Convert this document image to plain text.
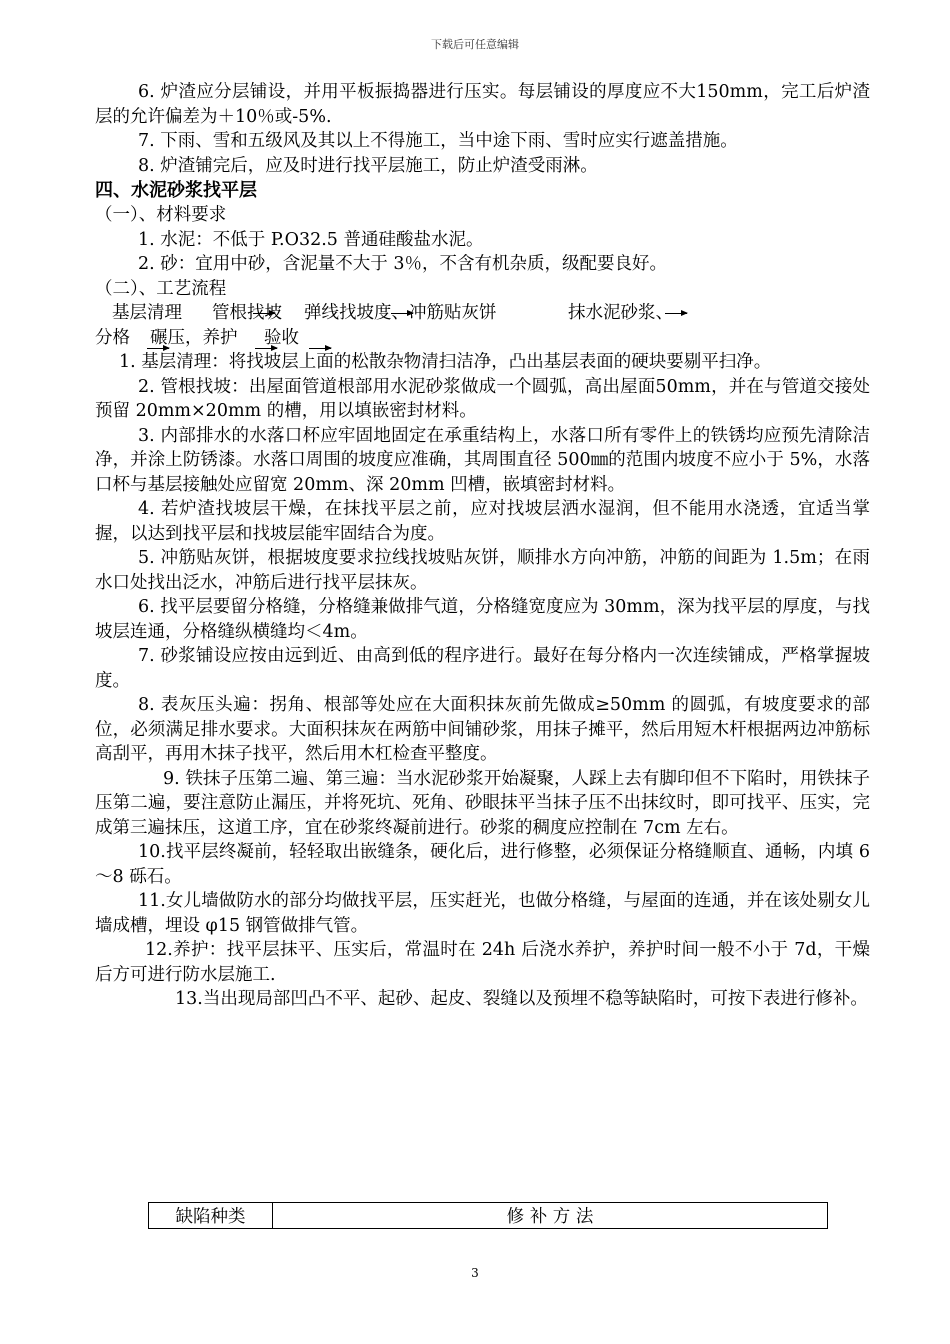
下载后可任意编辑

6. 炉渣应分层铺设，并用平板振捣器进行压实。每层铺设的厚度应不大150mm，完工后炉渣层的允许偏差为＋10％或-5%.

7. 下雨、雪和五级风及其以上不得施工，当中途下雨、雪时应实行遮盖措施。

8. 炉渣铺完后，应及时进行找平层施工，防止炉渣受雨淋。

四、水泥砂浆找平层

（一）、材料要求

1. 水泥：不低于 P.O32.5 普通硅酸盐水泥。

2. 砂：宜用中砂，含泥量不大于 3％，不含有机杂质，级配要良好。

（二）、工艺流程

基层清理 管根找坡 弹线找坡度、冲筋贴灰饼	抹水泥砂浆、
分格 碾压，养护 验收

1. 基层清理：将找坡层上面的松散杂物清扫洁净，凸出基层表面的硬块要剔平扫净。

2. 管根找坡：出屋面管道根部用水泥砂浆做成一个圆弧，高出屋面50mm，并在与管道交接处预留 20mm×20mm 的槽，用以填嵌密封材料。

3. 内部排水的水落口杯应牢固地固定在承重结构上，水落口所有零件上的铁锈均应预先清除洁净，并涂上防锈漆。水落口周围的坡度应准确，其周围直径 500㎜的范围内坡度不应小于 5%，水落口杯与基层接触处应留宽 20mm、深 20mm 凹槽，嵌填密封材料。

4. 若炉渣找坡层干燥，在抹找平层之前，应对找坡层洒水湿润，但不能用水浇透，宜适当掌握，以达到找平层和找坡层能牢固结合为度。

5. 冲筋贴灰饼，根据坡度要求拉线找坡贴灰饼，顺排水方向冲筋，冲筋的间距为 1.5m；在雨水口处找出泛水，冲筋后进行找平层抹灰。

6. 找平层要留分格缝，分格缝兼做排气道，分格缝宽度应为 30mm，深为找平层的厚度，与找坡层连通，分格缝纵横缝均＜4m。

7. 砂浆铺设应按由远到近、由高到低的程序进行。最好在每分格内一次连续铺成，严格掌握坡度。

8. 表灰压头遍：拐角、根部等处应在大面积抹灰前先做成≥50mm 的圆弧，有坡度要求的部位，必须满足排水要求。大面积抹灰在两筋中间铺砂浆，用抹子摊平，然后用短木杆根据两边冲筋标高刮平，再用木抹子找平，然后用木杠检查平整度。

9. 铁抹子压第二遍、第三遍：当水泥砂浆开始凝聚，人踩上去有脚印但不下陷时，用铁抹子压第二遍，要注意防止漏压，并将死坑、死角、砂眼抹平当抹子压不出抹纹时，即可找平、压实，完成第三遍抹压，这道工序，宜在砂浆终凝前进行。砂浆的稠度应控制在 7cm 左右。

10.找平层终凝前，轻轻取出嵌缝条，硬化后，进行修整，必须保证分格缝顺直、通畅，内填 6～8 砾石。

11.女儿墙做防水的部分均做找平层，压实赶光，也做分格缝，与屋面的连通，并在该处剔女儿墙成槽，埋设 φ15 钢管做排气管。

12.养护：找平层抹平、压实后，常温时在 24h 后浇水养护，养护时间一般不小于 7d，干燥后方可进行防水层施工.

13.当出现局部凹凸不平、起砂、起皮、裂缝以及预埋不稳等缺陷时，可按下表进行修补。

缺陷种类	修 补 方 法
3
